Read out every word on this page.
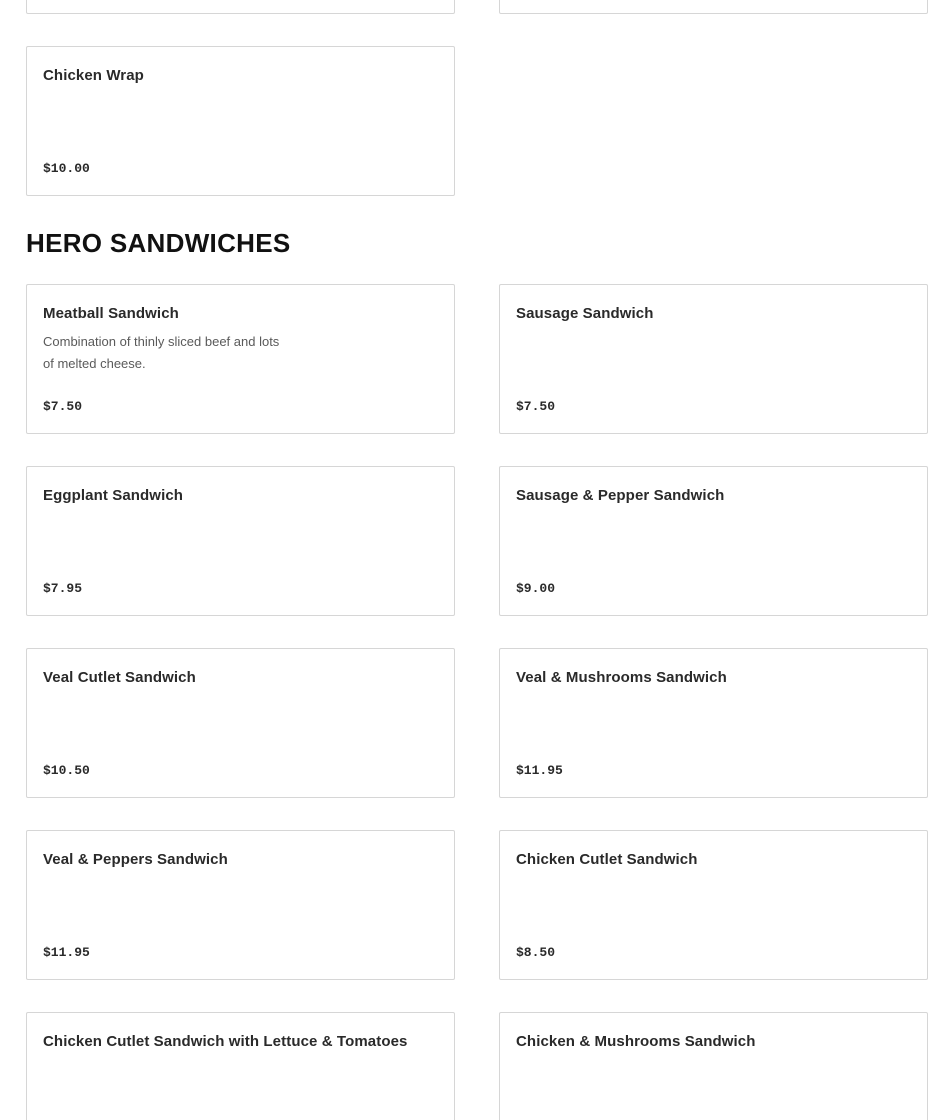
Chicken Wrap
$10.00
HERO SANDWICHES
Meatball Sandwich
Combination of thinly sliced beef and lots of melted cheese.
$7.50
Sausage Sandwich
$7.50
Eggplant Sandwich
$7.95
Sausage & Pepper Sandwich
$9.00
Veal Cutlet Sandwich
$10.50
Veal & Mushrooms Sandwich
$11.95
Veal & Peppers Sandwich
$11.95
Chicken Cutlet Sandwich
$8.50
Chicken Cutlet Sandwich with Lettuce & Tomatoes	Chicken & Mushrooms Sandwich
